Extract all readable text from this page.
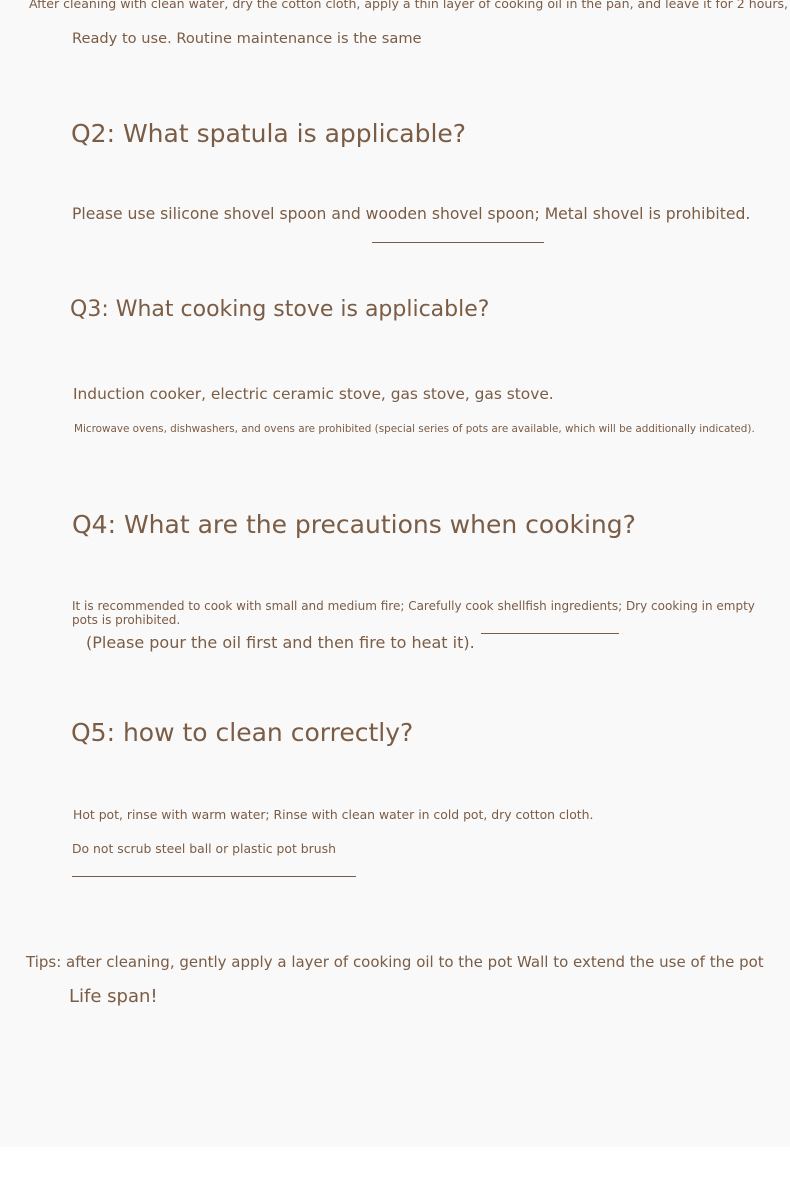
After cleaning with clean water, dry the cotton cloth, apply a thin layer of cooking oil in the pan, and leave it for 2 hours,

Ready to use. Routine maintenance is the same

Q2: What spatula is applicable?

Please use silicone shovel spoon and wooden shovel spoon; Metal shovel is prohibited.

Q3: What cooking stove is applicable?

Induction cooker, electric ceramic stove, gas stove, gas stove.

Microwave ovens, dishwashers, and ovens are prohibited (special series of pots are available, which will be additionally indicated).

Q4: What are the precautions when cooking?

It is recommended to cook with small and medium fire; Carefully cook shellfish ingredients; Dry cooking in empty

pots is prohibited.

(Please pour the oil first and then fire to heat it).

Q5: how to clean correctly?

Hot pot, rinse with warm water; Rinse with clean water in cold pot, dry cotton cloth.

Do not scrub steel ball or plastic pot brush

Tips: after cleaning, gently apply a layer of cooking oil to the pot Wall to extend the use of the pot

Life span!
